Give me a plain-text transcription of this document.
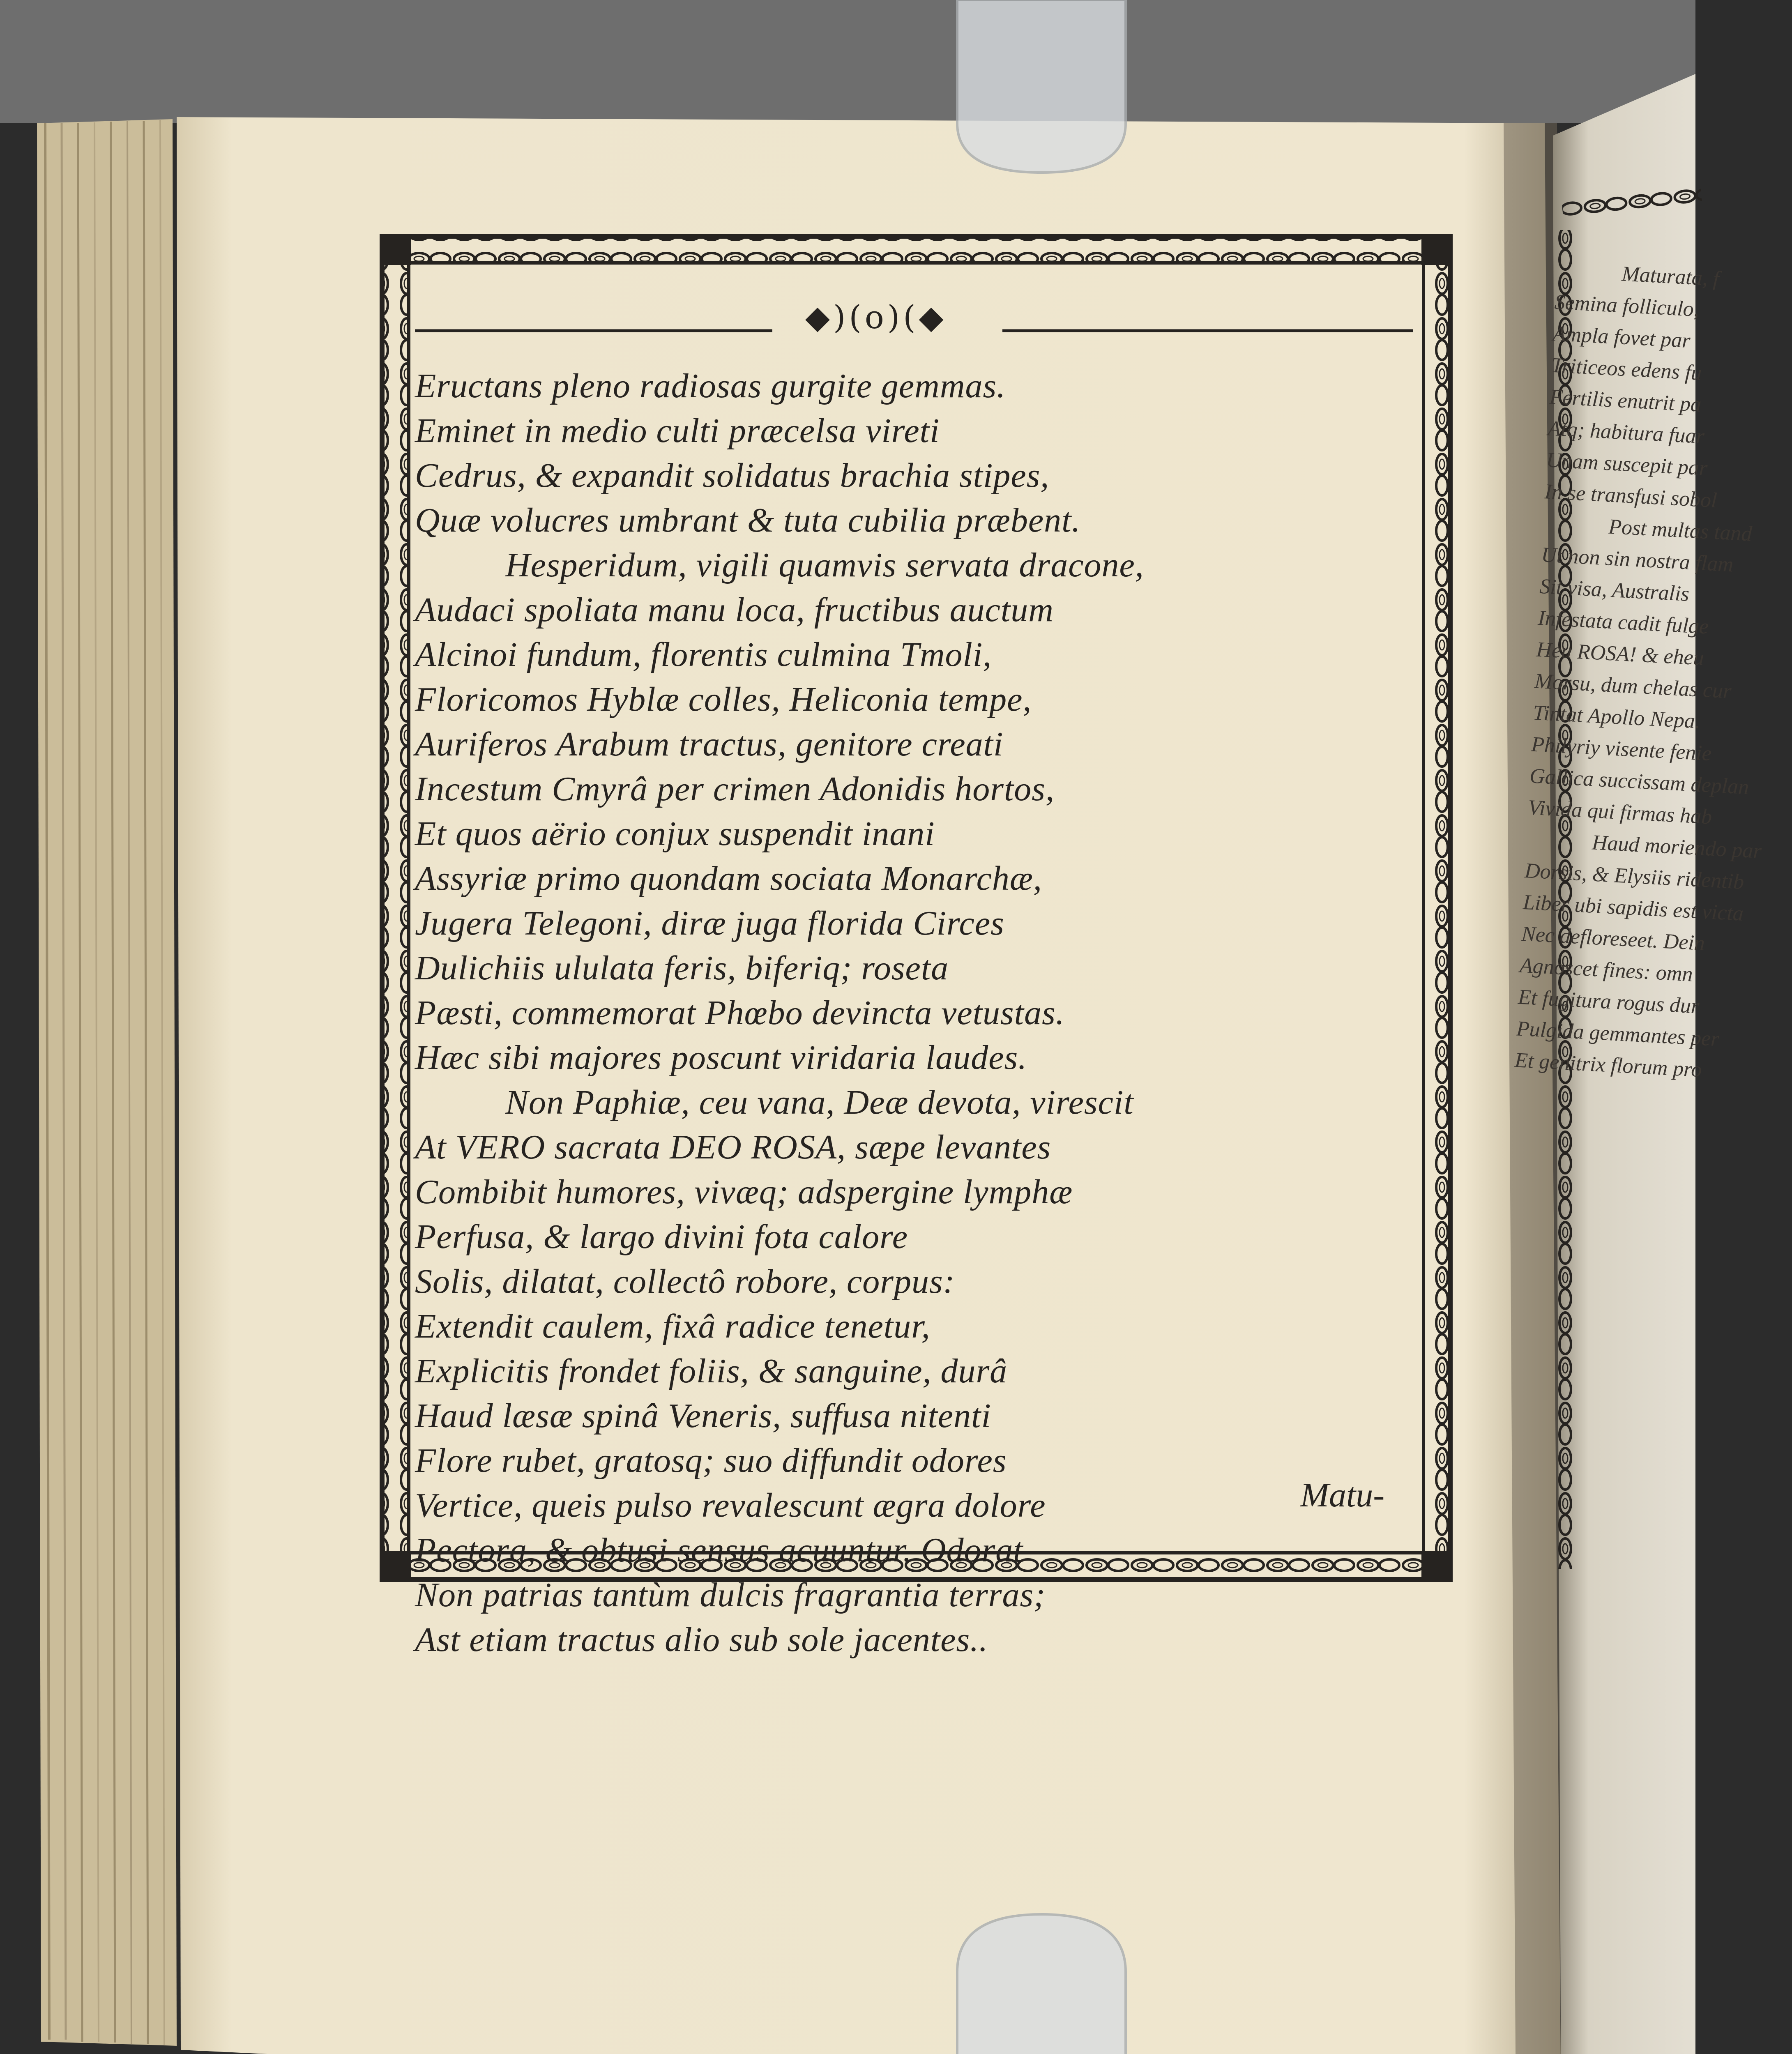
◆)(o)(◆
Eructans pleno radiosas gurgite gemmas.
Eminet in medio culti præcelsa vireti
Cedrus, & expandit solidatus brachia stipes,
Quæ volucres umbrant & tuta cubilia præbent.
Hesperidum, vigili quamvis servata dracone,
Audaci spoliata manu loca, fructibus auctum
Alcinoi fundum, florentis culmina Tmoli,
Floricomos Hyblæ colles, Heliconia tempe,
Auriferos Arabum tractus, genitore creati
Incestum Cmyrâ per crimen Adonidis hortos,
Et quos aërio conjux suspendit inani
Assyriæ primo quondam sociata Monarchæ,
Jugera Telegoni, diræ juga florida Circes
Dulichiis ululata feris, biferiq; roseta
Pæsti, commemorat Phœbo devincta vetustas.
Hæc sibi majores poscunt viridaria laudes.
Non Paphiæ, ceu vana, Deæ devota, virescit
At VERO sacrata DEO ROSA, sæpe levantes
Combibit humores, vivæq; adspergine lymphæ
Perfusa, & largo divini fota calore
Solis, dilatat, collectô robore, corpus:
Extendit caulem, fixâ radice tenetur,
Explicitis frondet foliis, & sanguine, durâ
Haud læsæ spinâ Veneris, suffusa nitenti
Flore rubet, gratosq; suo diffundit odores
Vertice, queis pulso revalescunt ægra dolore
Pectora, & obtusi sensus acuuntur. Odorat
Non patrias tantùm dulcis fragrantia terras;
Ast etiam tractus alio sub sole jacentes..
Matu-
Maturata, f
Semina folliculo,
Ampla fovet par
Triticeos edens fu
Fertilis enutrit pa
Atq; habitura fuar
Unam suscepit par
In se transfusi sobol
Post multas tand
Ut non sin nostra flam
Sit visa, Australis
Infestata cadit fulge
Heu ROSA! & eheu
Morsu, dum chelas cur
Tintat Apollo Nepa.
Philyriy visente fenie
Gallica succissam deplan
Vivida qui firmas hab
Haud moriendo par
Dorsis, & Elysiis ridentib
Liber ubi sapidis est victa
Nec defloreseet. Dein
Agnoscet fines: omn
Et fugitura rogus dur
Pulgida gemmantes per
Et genitrix florum pro
